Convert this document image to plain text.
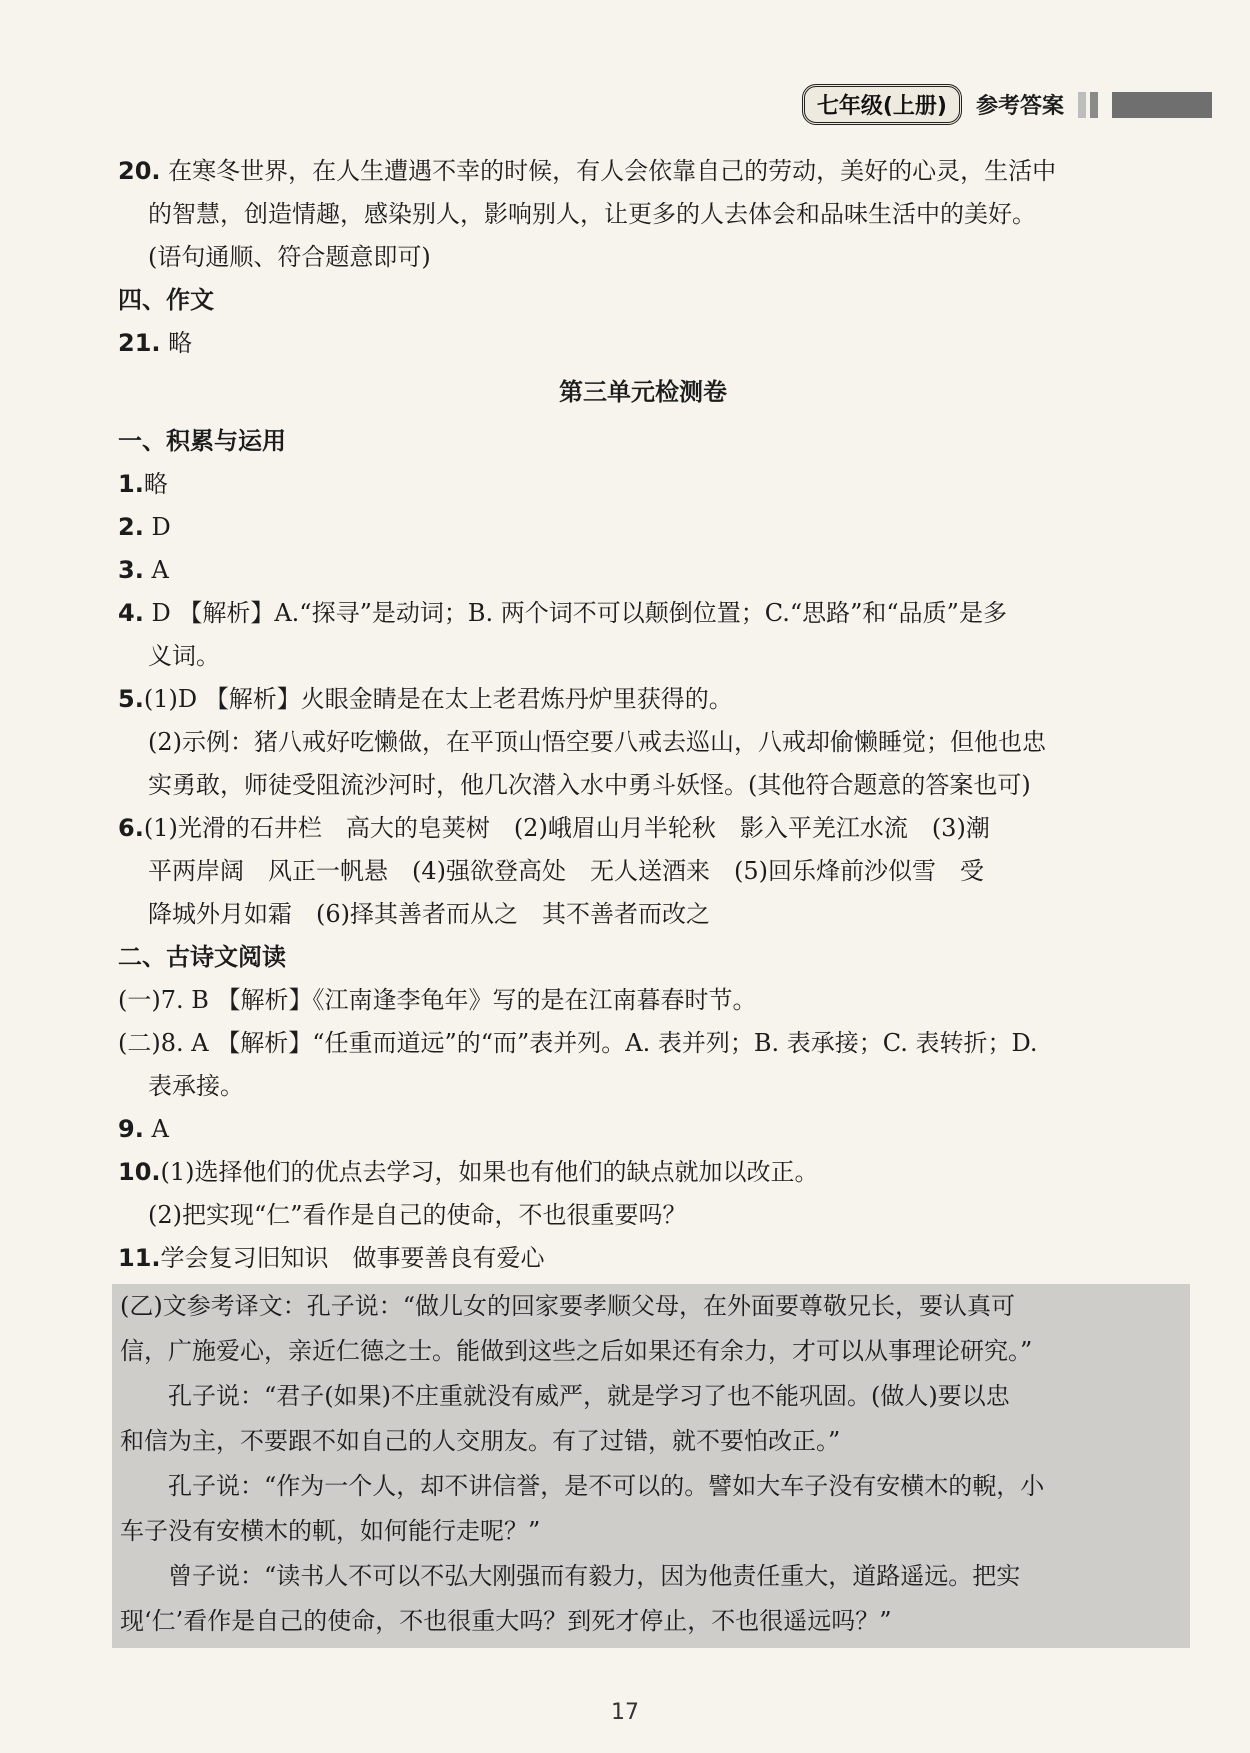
七年级(上册)	参考答案
20. 在寒冬世界，在人生遭遇不幸的时候，有人会依靠自己的劳动，美好的心灵，生活中
的智慧，创造情趣，感染别人，影响别人，让更多的人去体会和品味生活中的美好。
(语句通顺、符合题意即可)
四、作文
21. 略
第三单元检测卷
一、积累与运用
1.略
2. D
3. A
4. D 【解析】A.“探寻”是动词；B. 两个词不可以颠倒位置；C.“思路”和“品质”是多
义词。
5.(1)D 【解析】火眼金睛是在太上老君炼丹炉里获得的。
(2)示例：猪八戒好吃懒做，在平顶山悟空要八戒去巡山，八戒却偷懒睡觉；但他也忠
实勇敢，师徒受阻流沙河时，他几次潜入水中勇斗妖怪。(其他符合题意的答案也可)
6.(1)光滑的石井栏　高大的皂荚树　(2)峨眉山月半轮秋　影入平羌江水流　(3)潮
平两岸阔　风正一帆悬　(4)强欲登高处　无人送酒来　(5)回乐烽前沙似雪　受
降城外月如霜　(6)择其善者而从之　其不善者而改之
二、古诗文阅读
(一)7. B 【解析】《江南逢李龟年》写的是在江南暮春时节。
(二)8. A 【解析】“任重而道远”的“而”表并列。A. 表并列；B. 表承接；C. 表转折；D.
表承接。
9. A
10.(1)选择他们的优点去学习，如果也有他们的缺点就加以改正。
(2)把实现“仁”看作是自己的使命，不也很重要吗？
11.学会复习旧知识　做事要善良有爱心
(乙)文参考译文：孔子说：“做儿女的回家要孝顺父母，在外面要尊敬兄长，要认真可
信，广施爱心，亲近仁德之士。能做到这些之后如果还有余力，才可以从事理论研究。”
孔子说：“君子(如果)不庄重就没有威严，就是学习了也不能巩固。(做人)要以忠
和信为主，不要跟不如自己的人交朋友。有了过错，就不要怕改正。”
孔子说：“作为一个人，却不讲信誉，是不可以的。譬如大车子没有安横木的輗，小
车子没有安横木的軏，如何能行走呢？”
曾子说：“读书人不可以不弘大刚强而有毅力，因为他责任重大，道路遥远。把实
现‘仁’看作是自己的使命，不也很重大吗？到死才停止，不也很遥远吗？”
17
